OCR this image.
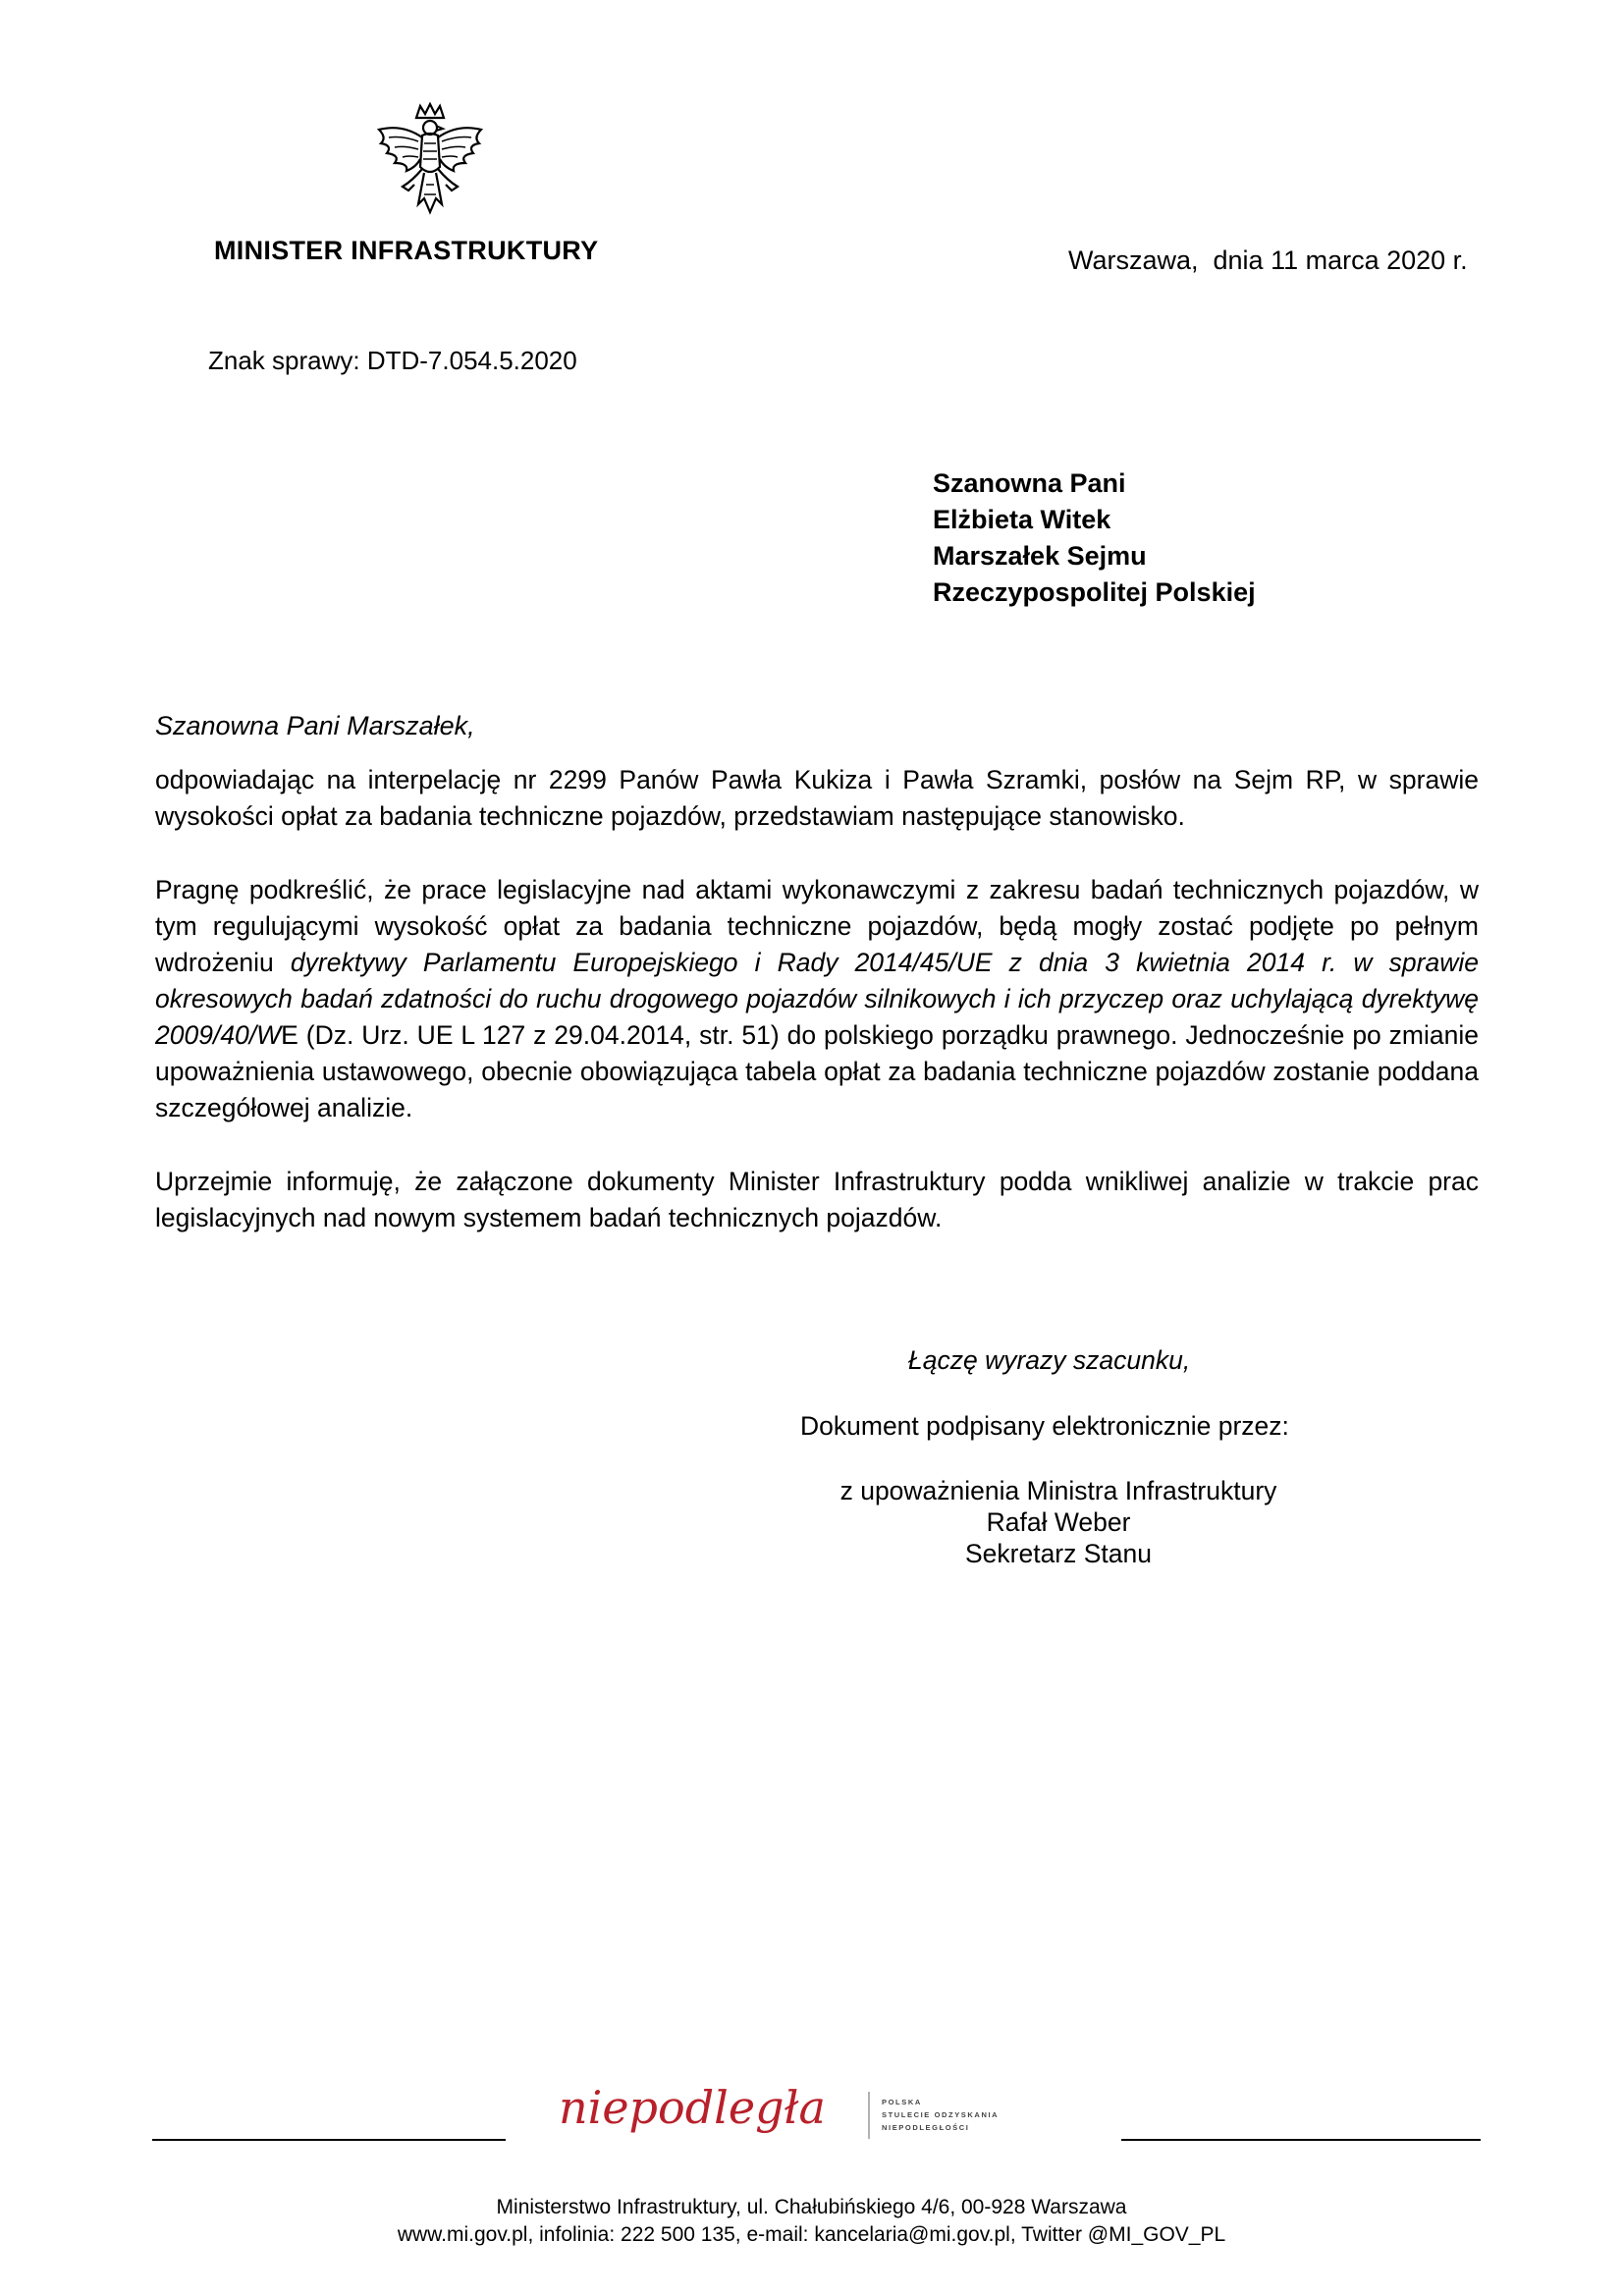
MINISTER INFRASTRUKTURY	Warszawa,  dnia 11 marca 2020 r.
Znak sprawy: DTD-7.054.5.2020
Szanowna Pani
Elżbieta Witek
Marszałek Sejmu
Rzeczypospolitej Polskiej
Szanowna Pani Marszałek,
odpowiadając na interpelację nr 2299 Panów Pawła Kukiza i Pawła Szramki, posłów na Sejm RP, w sprawie wysokości opłat za badania techniczne pojazdów, przedstawiam następujące stanowisko.
Pragnę podkreślić, że prace legislacyjne nad aktami wykonawczymi z zakresu badań technicznych pojazdów, w tym regulującymi wysokość opłat za badania techniczne pojazdów, będą mogły zostać podjęte po pełnym wdrożeniu dyrektywy Parlamentu Europejskiego i Rady 2014/45/UE z dnia 3 kwietnia 2014 r. w sprawie okresowych badań zdatności do ruchu drogowego pojazdów silnikowych i ich przyczep oraz uchylającą dyrektywę 2009/40/WE (Dz. Urz. UE L 127 z 29.04.2014, str. 51) do polskiego porządku prawnego. Jednocześnie po zmianie upoważnienia ustawowego, obecnie obowiązująca tabela opłat za badania techniczne pojazdów zostanie poddana szczegółowej analizie.
Uprzejmie informuję, że załączone dokumenty Minister Infrastruktury podda wnikliwej analizie w trakcie prac legislacyjnych nad nowym systemem badań technicznych pojazdów.
Łączę wyrazy szacunku,
Dokument podpisany elektronicznie przez:
z upoważnienia Ministra Infrastruktury
Rafał Weber
Sekretarz Stanu
niepodległa	POLSKA
STULECIE ODZYSKANIA
NIEPODLEGŁOŚCI
Ministerstwo Infrastruktury, ul. Chałubińskiego 4/6, 00-928 Warszawa
www.mi.gov.pl, infolinia: 222 500 135, e-mail: kancelaria@mi.gov.pl, Twitter @MI_GOV_PL
